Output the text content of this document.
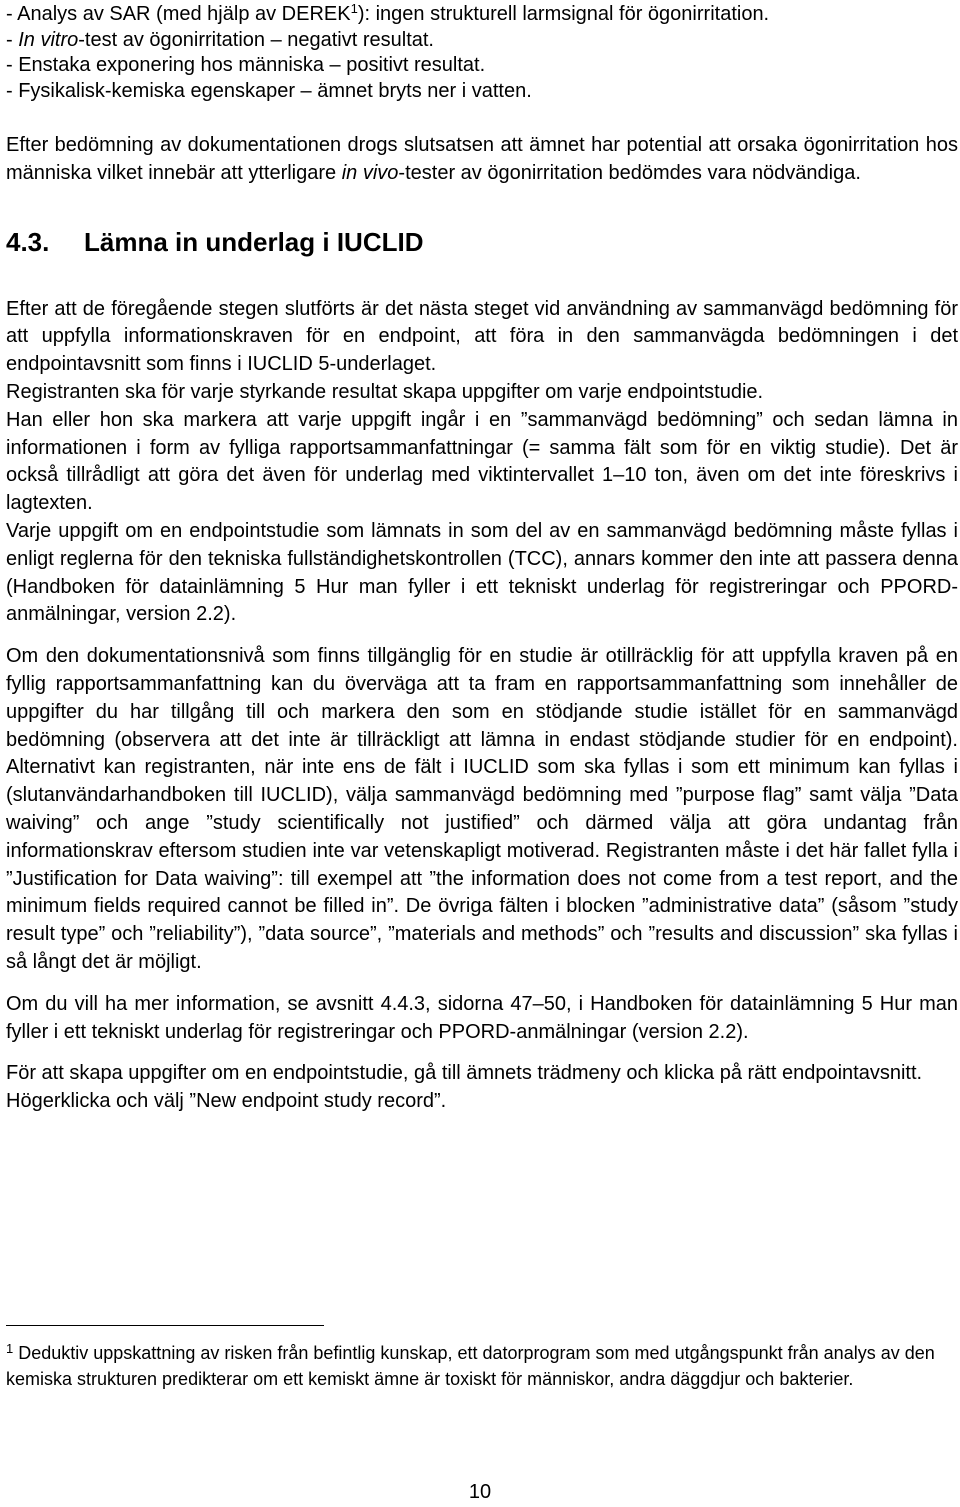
- Analys av SAR (med hjälp av DEREK$^1$): ingen strukturell larmsignal för ögonirritation.
- In vitro-test av ögonirritation – negativt resultat.
- Enstaka exponering hos människa – positivt resultat.
- Fysikalisk-kemiska egenskaper – ämnet bryts ner i vatten.

Efter bedömning av dokumentationen drogs slutsatsen att ämnet har potential att orsaka ögonirritation hos människa vilket innebär att ytterligare in vivo-tester av ögonirritation bedömdes vara nödvändiga.

4.3. Lämna in underlag i IUCLID

Efter att de föregående stegen slutförts är det nästa steget vid användning av sammanvägd bedömning för att uppfylla informationskraven för en endpoint, att föra in den sammanvägda bedömningen i det endpointavsnitt som finns i IUCLID 5-underlaget.
Registranten ska för varje styrkande resultat skapa uppgifter om varje endpointstudie.
Han eller hon ska markera att varje uppgift ingår i en ”sammanvägd bedömning” och sedan lämna in informationen i form av fylliga rapportsammanfattningar (= samma fält som för en viktig studie). Det är också tillrådligt att göra det även för underlag med viktintervallet 1–10 ton, även om det inte föreskrivs i lagtexten.
Varje uppgift om en endpointstudie som lämnats in som del av en sammanvägd bedömning måste fyllas i enligt reglerna för den tekniska fullständighetskontrollen (TCC), annars kommer den inte att passera denna (Handboken för datainlämning 5 Hur man fyller i ett tekniskt underlag för registreringar och PPORD-anmälningar, version 2.2).

Om den dokumentationsnivå som finns tillgänglig för en studie är otillräcklig för att uppfylla kraven på en fyllig rapportsammanfattning kan du överväga att ta fram en rapportsammanfattning som innehåller de uppgifter du har tillgång till och markera den som en stödjande studie istället för en sammanvägd bedömning (observera att det inte är tillräckligt att lämna in endast stödjande studier för en endpoint). Alternativt kan registranten, när inte ens de fält i IUCLID som ska fyllas i som ett minimum kan fyllas i (slutanvändarhandboken till IUCLID), välja sammanvägd bedömning med ”purpose flag” samt välja ”Data waiving” och ange ”study scientifically not justified” och därmed välja att göra undantag från informationskrav eftersom studien inte var vetenskapligt motiverad. Registranten måste i det här fallet fylla i ”Justification for Data waiving”: till exempel att ”the information does not come from a test report, and the minimum fields required cannot be filled in”. De övriga fälten i blocken ”administrative data” (såsom ”study result type” och ”reliability”), ”data source”, ”materials and methods” och ”results and discussion” ska fyllas i så långt det är möjligt.

Om du vill ha mer information, se avsnitt 4.4.3, sidorna 47–50, i Handboken för datainlämning 5 Hur man fyller i ett tekniskt underlag för registreringar och PPORD-anmälningar (version 2.2).

För att skapa uppgifter om en endpointstudie, gå till ämnets trädmeny och klicka på rätt endpointavsnitt. Högerklicka och välj ”New endpoint study record”.

$^1$ Deduktiv uppskattning av risken från befintlig kunskap, ett datorprogram som med utgångspunkt från analys av den kemiska strukturen predikterar om ett kemiskt ämne är toxiskt för människor, andra däggdjur och bakterier.

10
